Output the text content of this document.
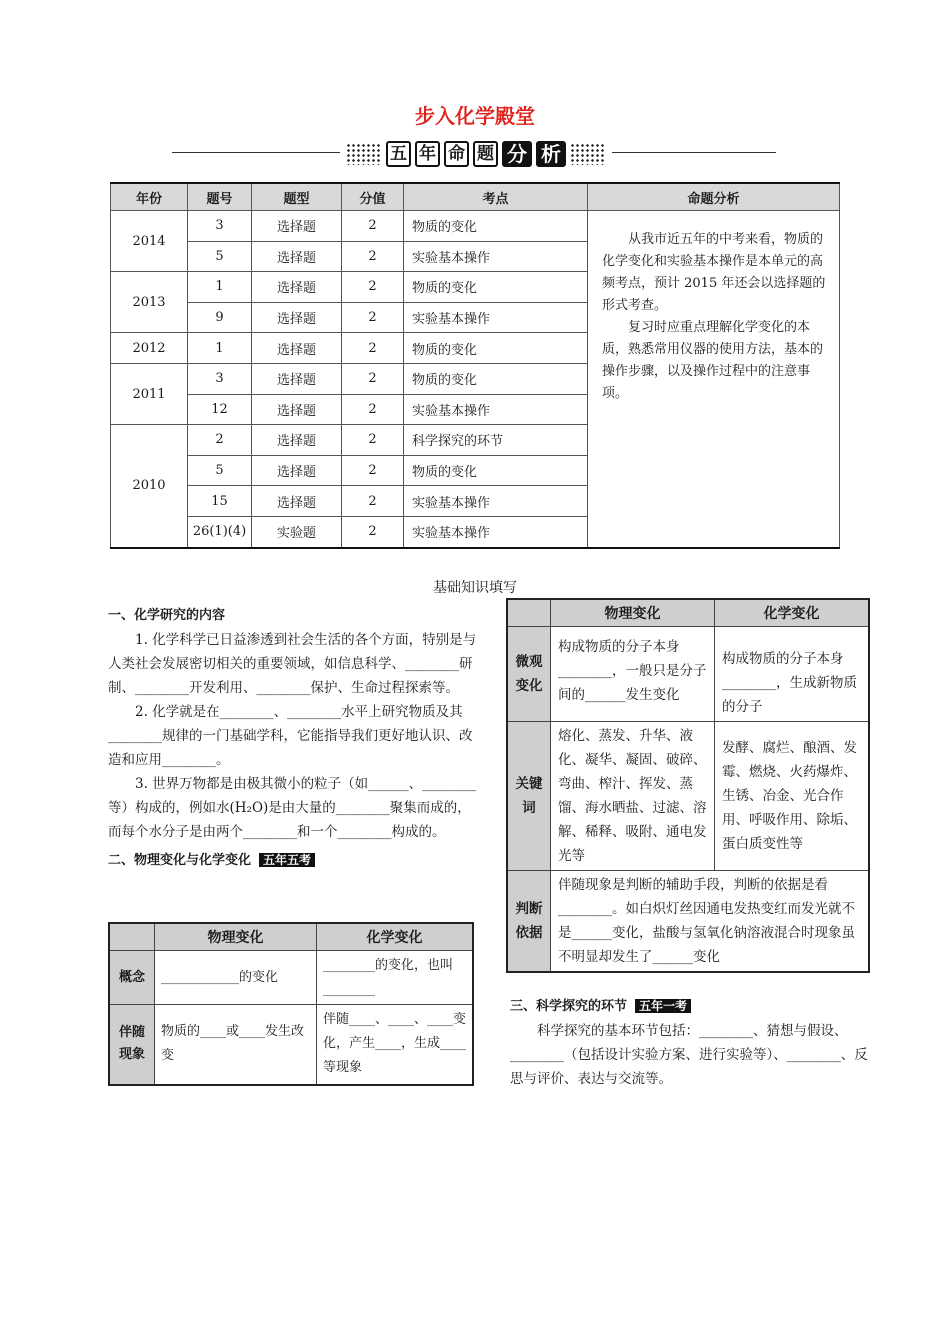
步入化学殿堂
五 年 命 题 分 析
年份	题号	题型	分值	考点	命题分析
2014	3	选择题	2	物质的变化	从我市近五年的中考来看，物质的化学变化和实验基本操作是本单元的高频考点，预计 2015 年还会以选择题的形式考查。

复习时应重点理解化学变化的本质，熟悉常用仪器的使用方法，基本的操作步骤，以及操作过程中的注意事项。

	5	选择题	2	实验基本操作	
2013	1	选择题	2	物质的变化	
	9	选择题	2	实验基本操作	
2012	1	选择题	2	物质的变化	
2011	3	选择题	2	物质的变化	
	12	选择题	2	实验基本操作	
2010	2	选择题	2	科学探究的环节	
	5	选择题	2	物质的变化	
	15	选择题	2	实验基本操作	
	26(1)(4)	实验题	2	实验基本操作	
基础知识填写

一、化学研究的内容

1. 化学科学已日益渗透到社会生活的各个方面，特别是与人类社会发展密切相关的重要领域，如信息科学、________研制、________开发利用、________保护、生命过程探索等。

2. 化学就是在________、________水平上研究物质及其________规律的一门基础学科，它能指导我们更好地认识、改造和应用________。

3. 世界万物都是由极其微小的粒子（如______、________等）构成的，例如水(H₂O)是由大量的________聚集而成的，而每个水分子是由两个________和一个________构成的。

二、物理变化与化学变化 五年五考

	物理变化	化学变化
概念	____________的变化	________的变化，也叫________
伴随现象	物质的____或____发生改变	伴随____、____、____变化，产生____，生成____等现象
	物理变化	化学变化
微观变化	构成物质的分子本身________，一般只是分子间的______发生变化	构成物质的分子本身________，生成新物质的分子
关键词	熔化、蒸发、升华、液化、凝华、凝固、破碎、弯曲、榨汁、挥发、蒸馏、海水晒盐、过滤、溶解、稀释、吸附、通电发光等	发酵、腐烂、酿酒、发霉、燃烧、火药爆炸、生锈、冶金、光合作用、呼吸作用、除垢、蛋白质变性等
判断依据	伴随现象是判断的辅助手段，判断的依据是看________。如白炽灯丝因通电发热变红而发光就不是______变化，盐酸与氢氧化钠溶液混合时现象虽不明显却发生了______变化	

三、科学探究的环节 五年一考

科学探究的基本环节包括：________、猜想与假设、________（包括设计实验方案、进行实验等）、________、反思与评价、表达与交流等。
